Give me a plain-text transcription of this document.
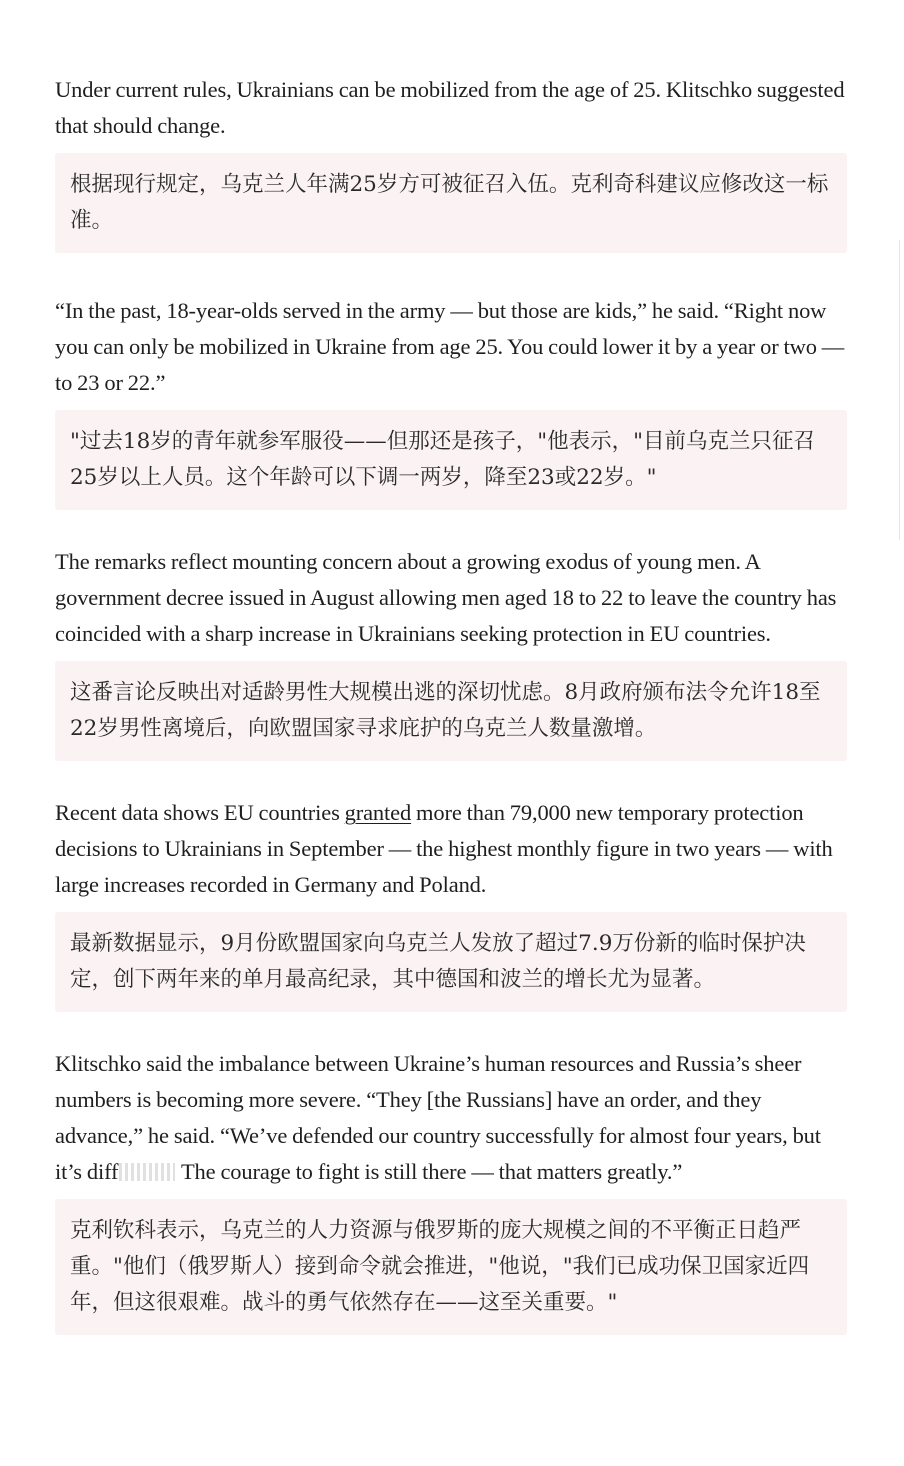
Under current rules, Ukrainians can be mobilized from the age of 25. Klitschko suggested that should change.

根据现行规定，乌克兰人年满25岁方可被征召入伍。克利奇科建议应修改这一标准。

“In the past, 18-year-olds served in the army — but those are kids,” he said. “Right now you can only be mobilized in Ukraine from age 25. You could lower it by a year or two — to 23 or 22.”

"过去18岁的青年就参军服役——但那还是孩子，"他表示，"目前乌克兰只征召25岁以上人员。这个年龄可以下调一两岁，降至23或22岁。"

The remarks reflect mounting concern about a growing exodus of young men. A government decree issued in August allowing men aged 18 to 22 to leave the country has coincided with a sharp increase in Ukrainians seeking protection in EU countries.

这番言论反映出对适龄男性大规模出逃的深切忧虑。8月政府颁布法令允许18至22岁男性离境后，向欧盟国家寻求庇护的乌克兰人数量激增。

Recent data shows EU countries granted more than 79,000 new temporary protection decisions to Ukrainians in September — the highest monthly figure in two years — with large increases recorded in Germany and Poland.

最新数据显示，9月份欧盟国家向乌克兰人发放了超过7.9万份新的临时保护决定，创下两年来的单月最高纪录，其中德国和波兰的增长尤为显著。

Klitschko said the imbalance between Ukraine’s human resources and Russia’s sheer numbers is becoming more severe. “They [the Russians] have an order, and they advance,” he said. “We’ve defended our country successfully for almost four years, but it’s diff	The courage to fight is still there — that matters greatly.”

克利钦科表示，乌克兰的人力资源与俄罗斯的庞大规模之间的不平衡正日趋严重。"他们（俄罗斯人）接到命令就会推进，"他说，"我们已成功保卫国家近四年，但这很艰难。战斗的勇气依然存在——这至关重要。"
